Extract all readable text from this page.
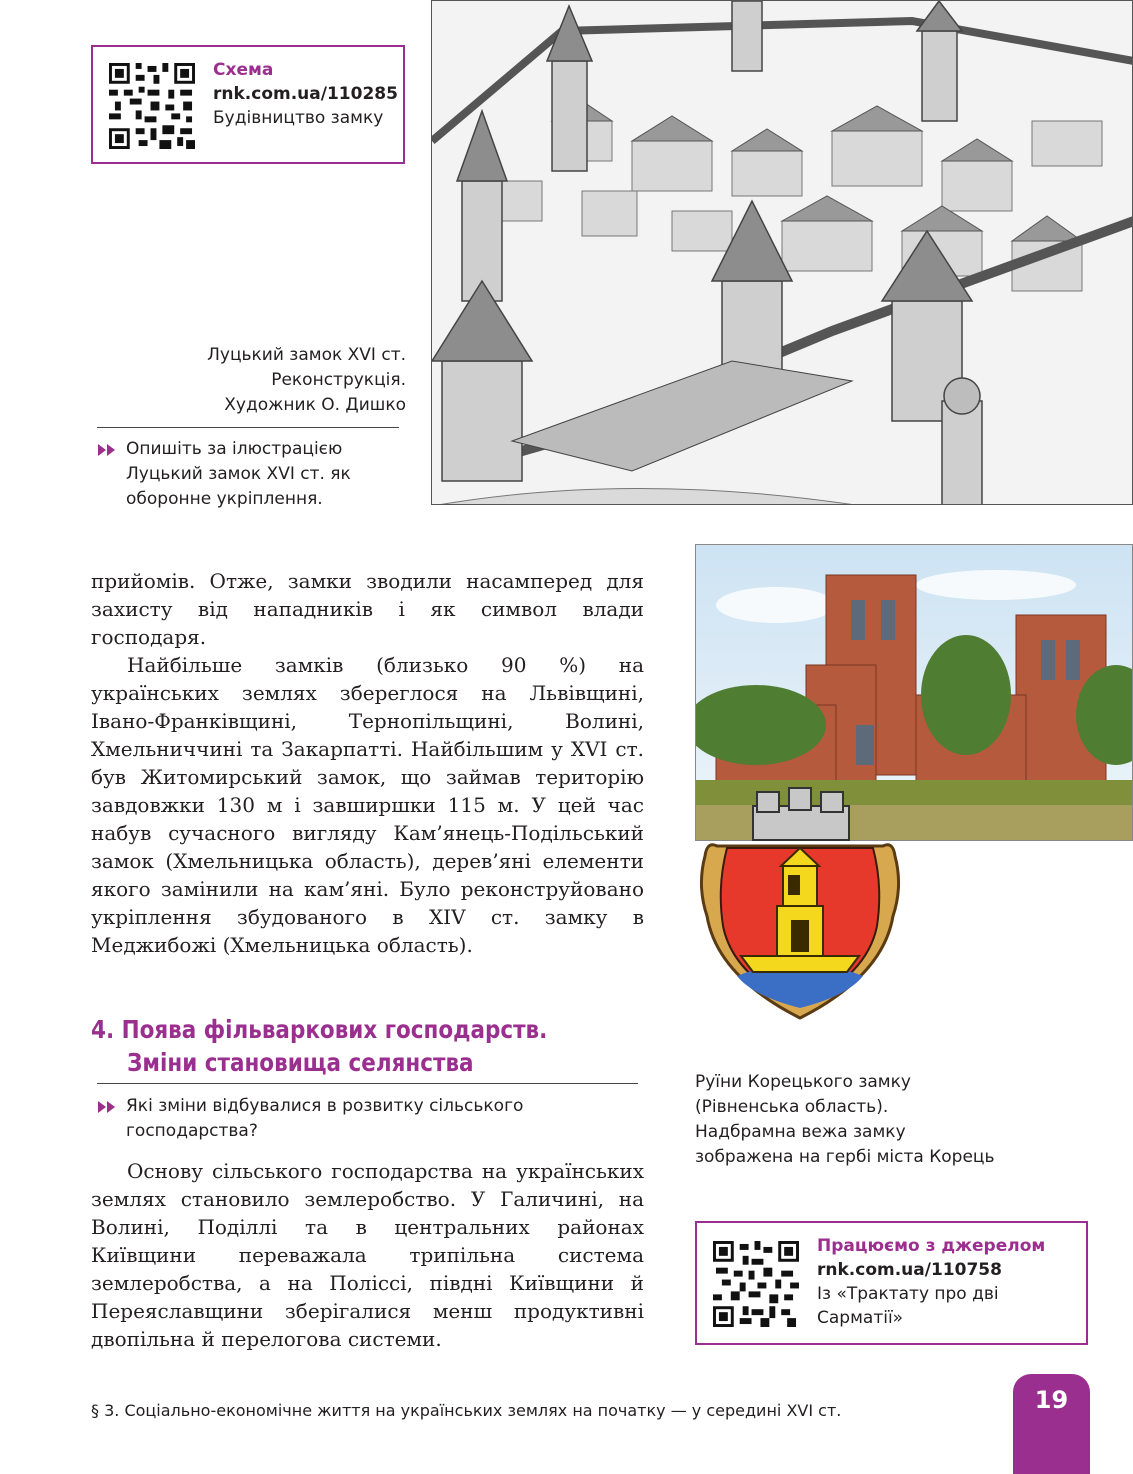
Схема
rnk.com.ua/110285
Будівництво замку
Луцький замок XVI ст.
Реконструкція.
Художник О. Дишко
Опишіть за ілюстрацією Луцький замок XVI ст. як оборонне укріплення.

прийомів. Отже, замки зводили насамперед для захисту від нападників і як символ влади господаря.

Найбільше замків (близько 90 %) на українських землях збереглося на Львівщині, Івано-Франківщині, Тернопільщині, Волині, Хмельниччині та Закарпатті. Найбільшим у XVI ст. був Житомирський замок, що займав територію завдовжки 130 м і завширшки 115 м. У цей час набув сучасного вигляду Кам’янець-Подільський замок (Хмельницька область), дерев’яні елементи якого замінили на кам’яні. Було реконструйовано укріплення збудованого в XIV ст. замку в Меджибожі (Хмельницька область).

4. Поява фільваркових господарств.
Зміни становища селянства
Які зміни відбувалися в розвитку сільського господарства?

Основу сільського господарства на українських землях становило землеробство. У Галичині, на Волині, Поділлі та в центральних районах Київщини переважала трипільна система землеробства, а на Поліссі, півдні Київщини й Переяславщини зберігалися менш продуктивні двопільна й перелогова системи.

Руїни Корецького замку
(Рівненська область).
Надбрамна вежа замку
зображена на гербі міста Корець
Працюємо з джерелом
rnk.com.ua/110758
Із «Трактату про дві Сарматії»
§ 3. Соціально-економічне життя на українських землях на початку — у середині XVI ст.	19
